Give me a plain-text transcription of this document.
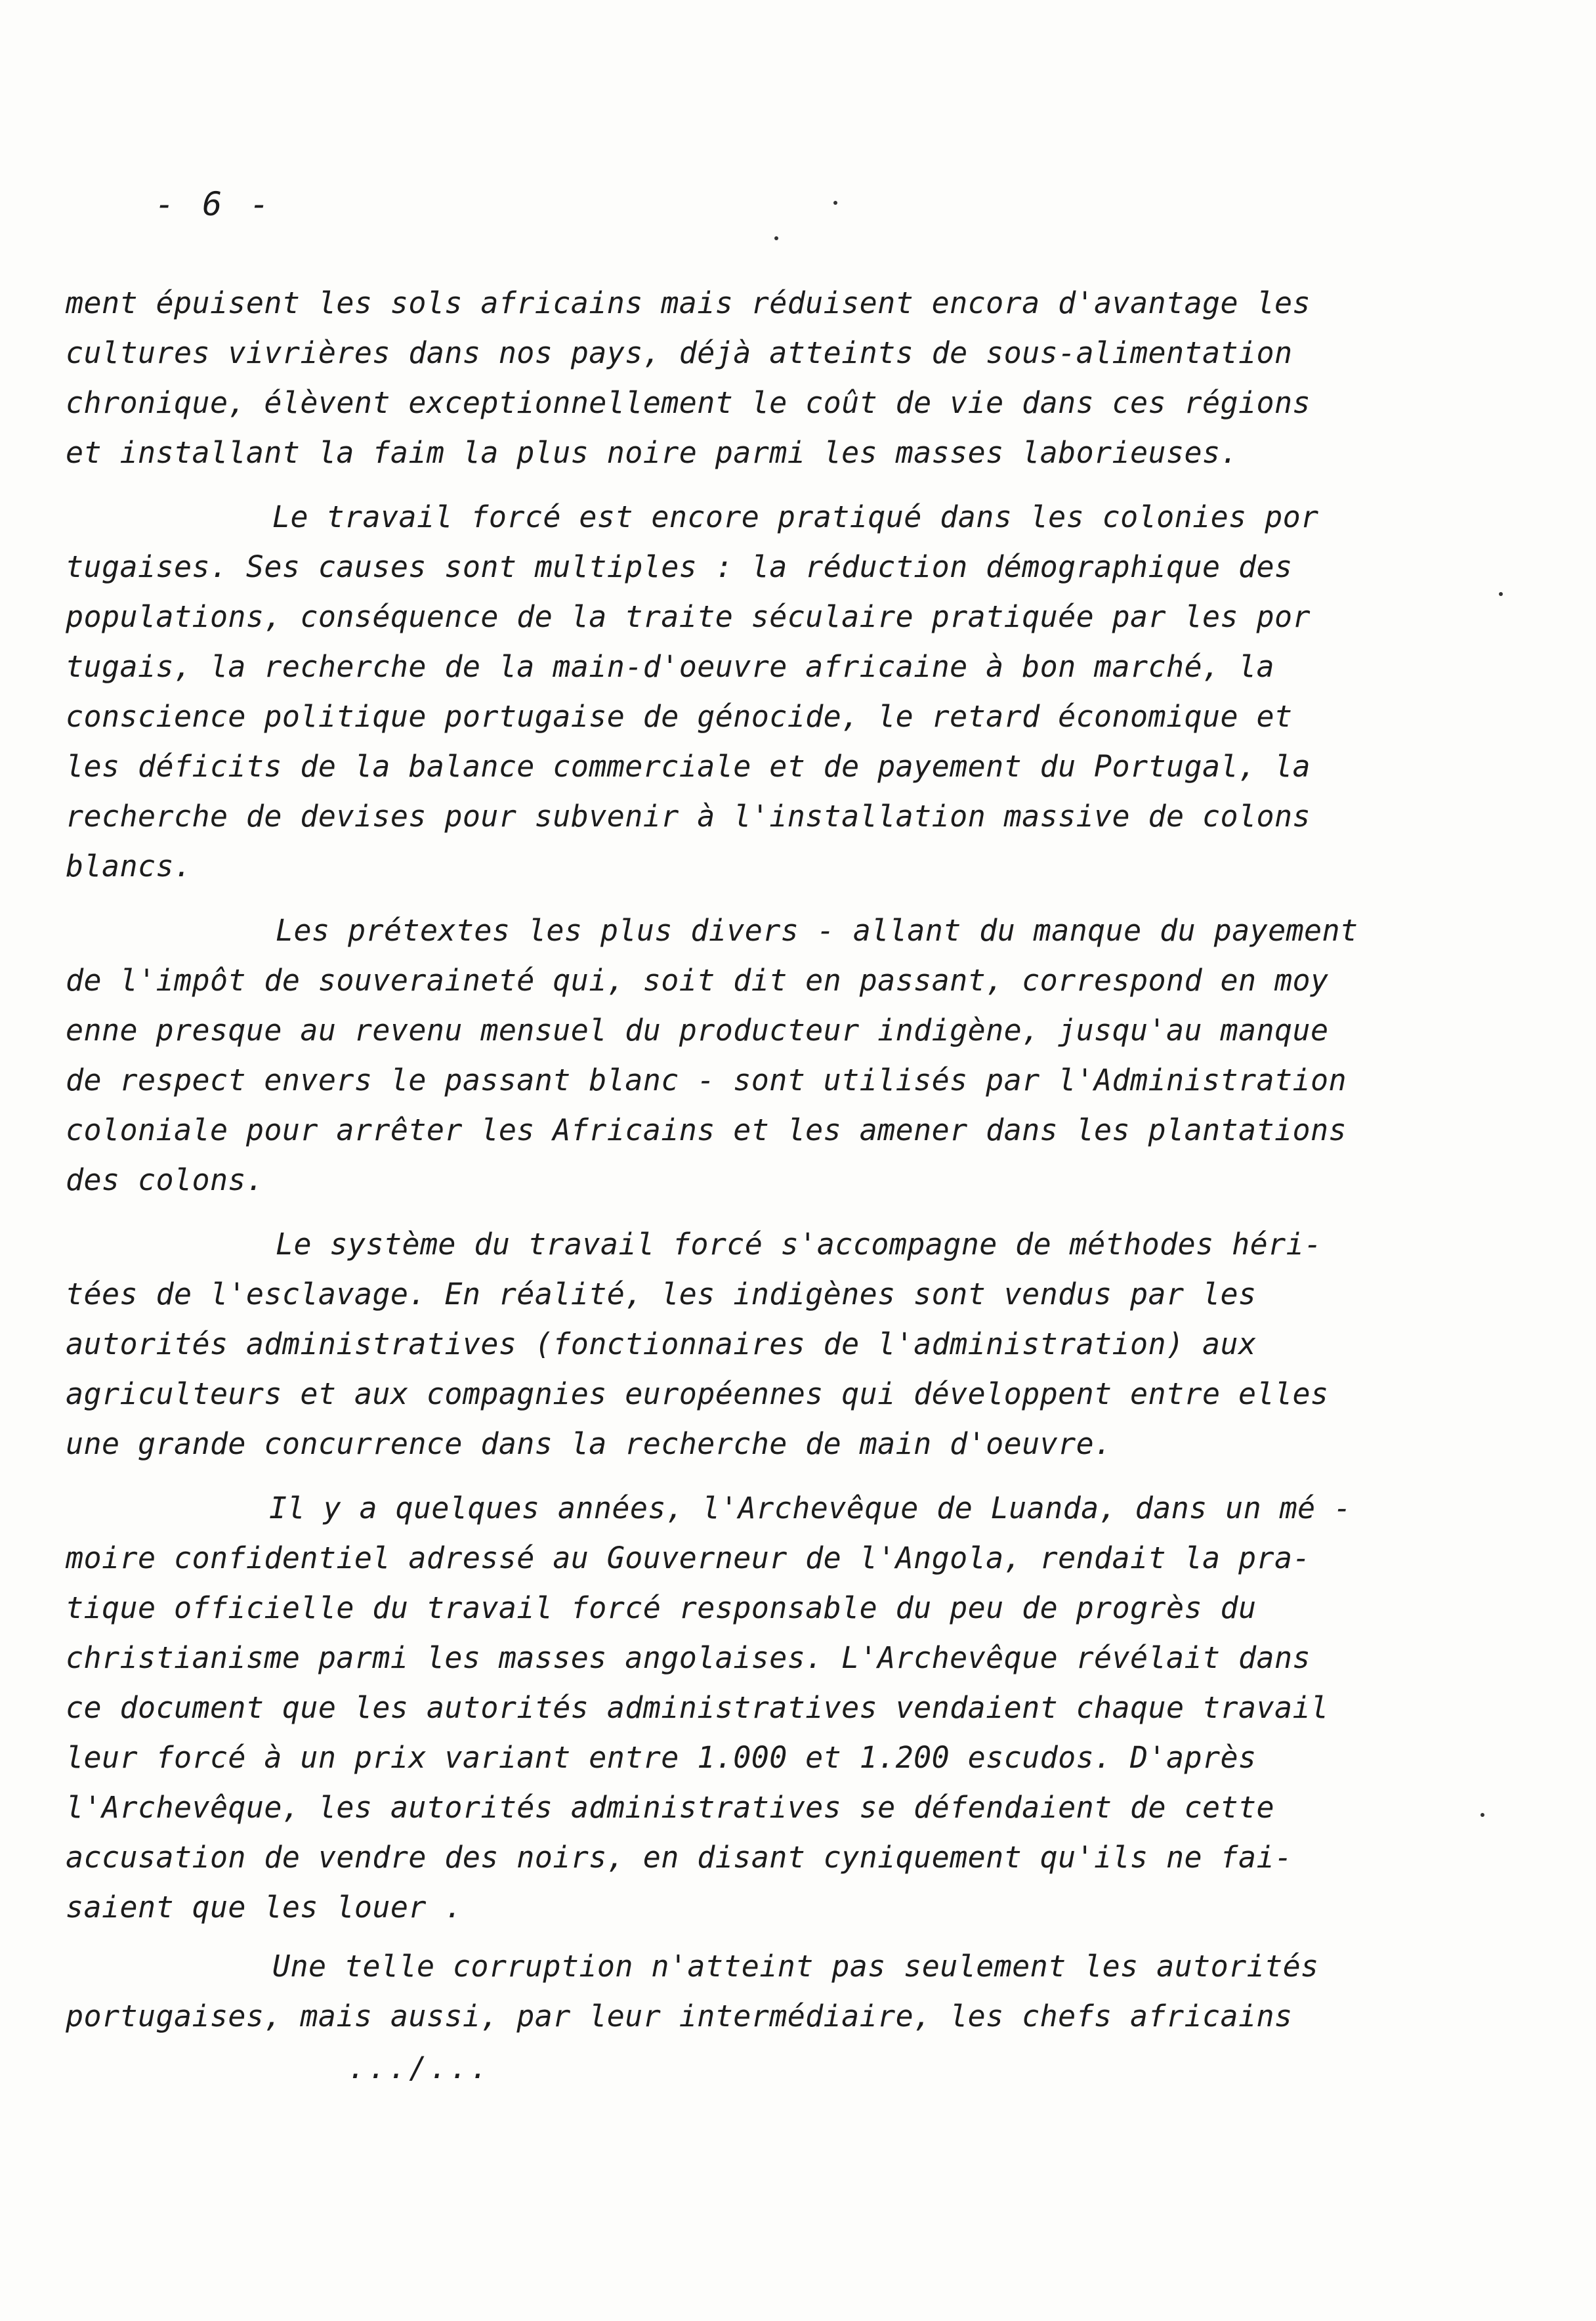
- 6 -
ment épuisent les sols africains mais réduisent encora d'avantage les
cultures vivrières dans nos pays, déjà atteints de sous-alimentation
chronique, élèvent exceptionnellement le coût de vie dans ces régions
et installant la faim la plus noire parmi les masses laborieuses.
Le travail forcé est encore pratiqué dans les colonies por
tugaises. Ses causes sont multiples : la réduction démographique des
populations, conséquence de la traite séculaire pratiquée par les por
tugais, la recherche de la main-d'oeuvre africaine à bon marché, la
conscience politique portugaise de génocide, le retard économique et
les déficits de la balance commerciale et de payement du Portugal, la
recherche de devises pour subvenir à l'installation massive de colons
blancs.
Les prétextes les plus divers - allant du manque du payement
de l'impôt de souveraineté qui, soit dit en passant, correspond en moy
enne presque au revenu mensuel du producteur indigène, jusqu'au manque
de respect envers le passant blanc - sont utilisés par l'Administration
coloniale pour arrêter les Africains et les amener dans les plantations
des colons.
Le système du travail forcé s'accompagne de méthodes héri-
tées de l'esclavage. En réalité, les indigènes sont vendus par les
autorités administratives (fonctionnaires de l'administration) aux
agriculteurs et aux compagnies européennes qui développent entre elles
une grande concurrence dans la recherche de main d'oeuvre.
Il y a quelques années, l'Archevêque de Luanda, dans un mé -
moire confidentiel adressé au Gouverneur de l'Angola, rendait la pra-
tique officielle du travail forcé responsable du peu de progrès du
christianisme parmi les masses angolaises. L'Archevêque révélait dans
ce document que les autorités administratives vendaient chaque travail
leur forcé à un prix variant entre 1.000 et 1.200 escudos. D'après
l'Archevêque, les autorités administratives se défendaient de cette
accusation de vendre des noirs, en disant cyniquement qu'ils ne fai-
saient que les louer .
Une telle corruption n'atteint pas seulement les autorités
portugaises, mais aussi, par leur intermédiaire, les chefs africains
.../...
